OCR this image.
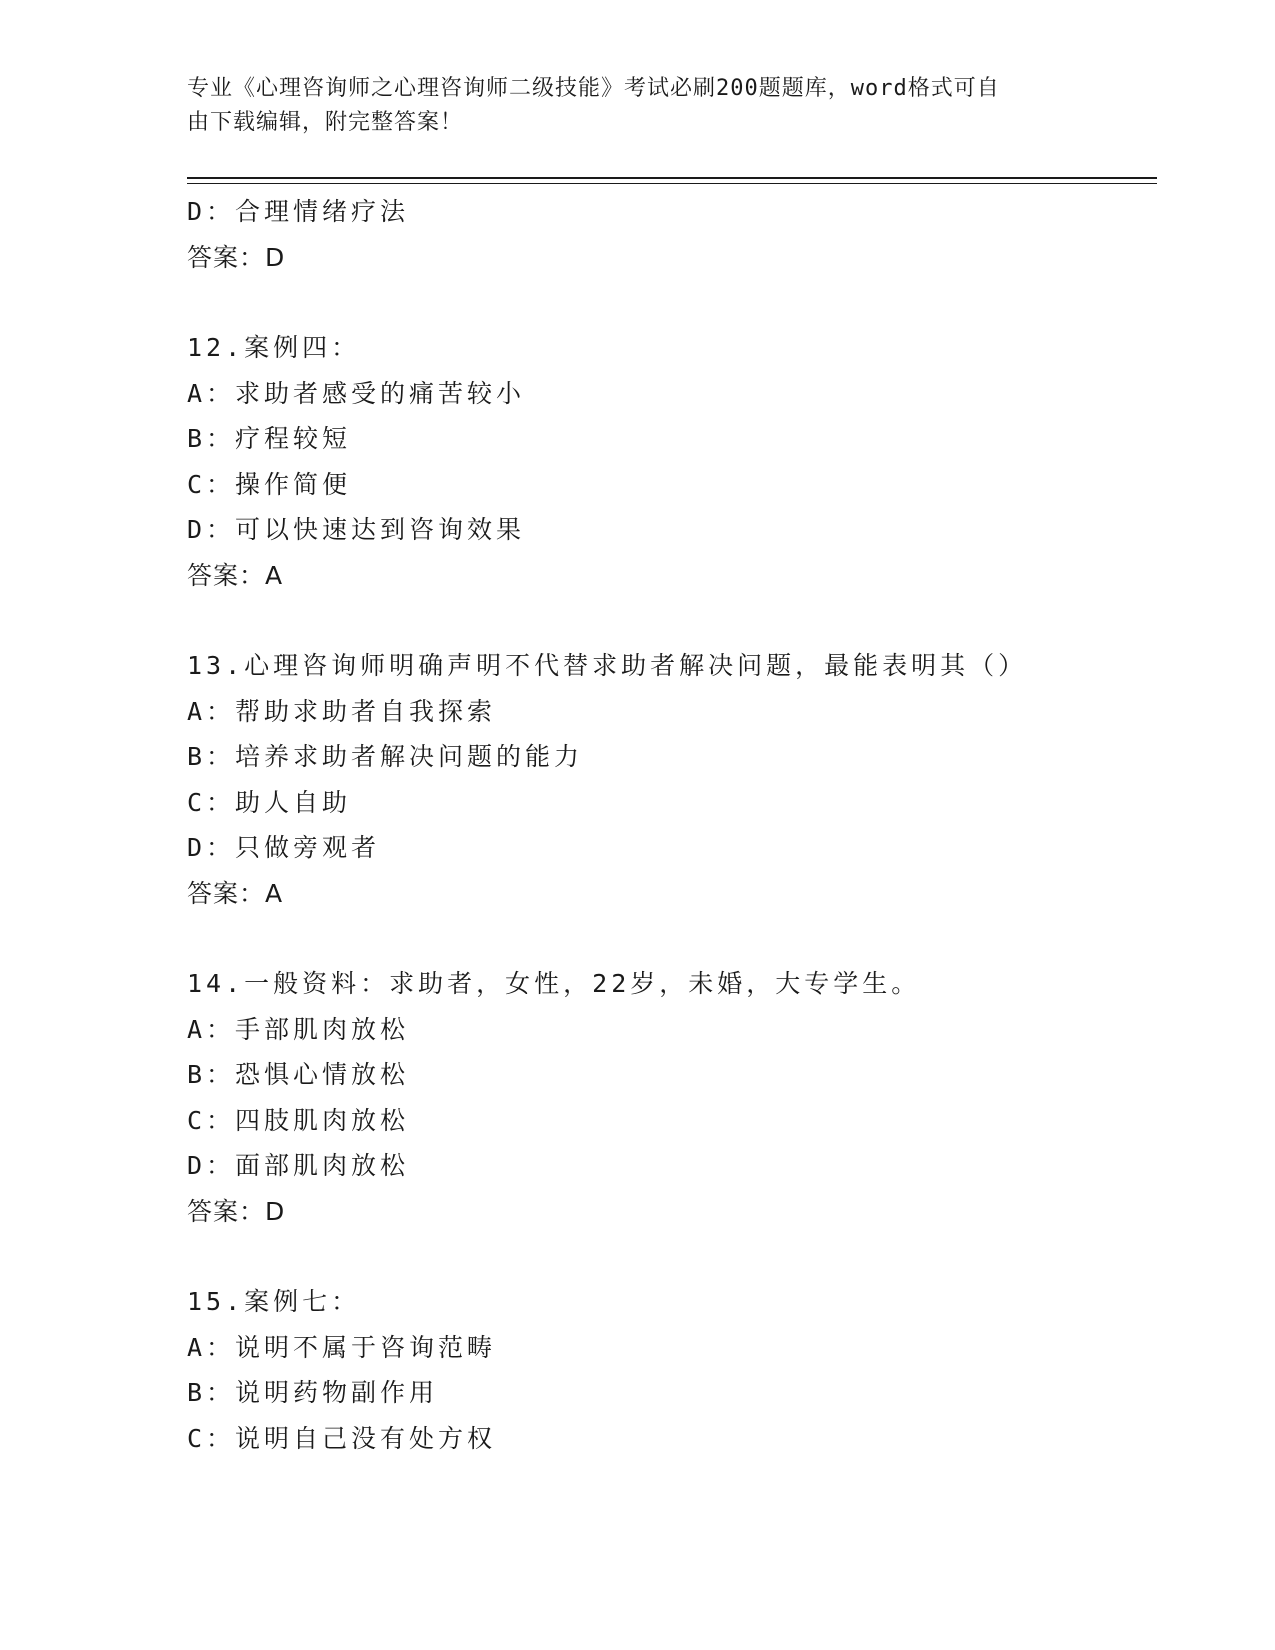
专业《心理咨询师之心理咨询师二级技能》考试必刷200题题库，word格式可自
由下载编辑，附完整答案！
D：合理情绪疗法
答案：D
12.案例四：
A：求助者感受的痛苦较小
B：疗程较短
C：操作简便
D：可以快速达到咨询效果
答案：A
13.心理咨询师明确声明不代替求助者解决问题，最能表明其（）
A：帮助求助者自我探索
B：培养求助者解决问题的能力
C：助人自助
D：只做旁观者
答案：A
14.一般资料：求助者，女性，22岁，未婚，大专学生。
A：手部肌肉放松
B：恐惧心情放松
C：四肢肌肉放松
D：面部肌肉放松
答案：D
15.案例七：
A：说明不属于咨询范畴
B：说明药物副作用
C：说明自己没有处方权
